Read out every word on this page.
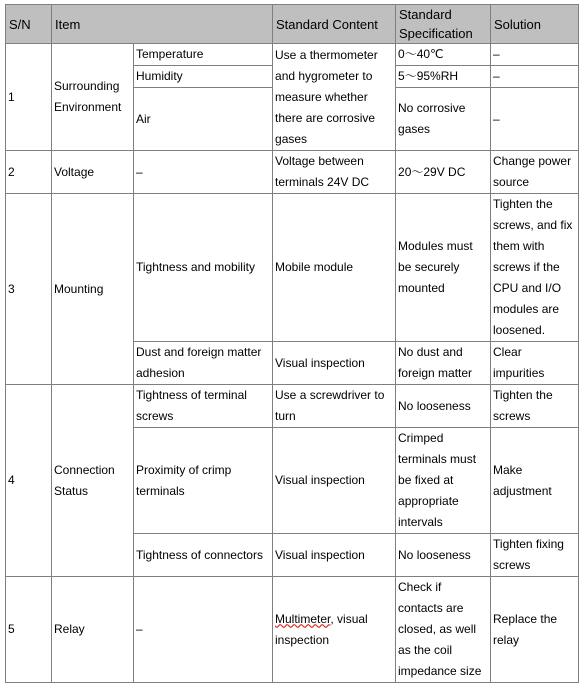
S/N	Item		Standard Content	Standard Specification	Solution
1	Surrounding Environment	Temperature	Use a thermometer and hygrometer to measure whether there are corrosive gases	0～40℃	–
		Humidity		5～95%RH	–
		Air		No corrosive gases	–
2	Voltage	–	Voltage between terminals 24V DC	20～29V DC	Change power source
3	Mounting	Tightness and mobility	Mobile module	Modules must be securely mounted	Tighten the screws, and fix them with screws if the CPU and I/O modules are loosened.
		Dust and foreign matter adhesion	Visual inspection	No dust and foreign matter	Clear impurities
4	Connection Status	Tightness of terminal screws	Use a screwdriver to turn	No looseness	Tighten the screws
		Proximity of crimp terminals	Visual inspection	Crimped terminals must be fixed at appropriate intervals	Make adjustment
		Tightness of connectors	Visual inspection	No looseness	Tighten fixing screws
5	Relay	–	Multimeter, visual inspection	Check if contacts are closed, as well as the coil impedance size	Replace the relay
